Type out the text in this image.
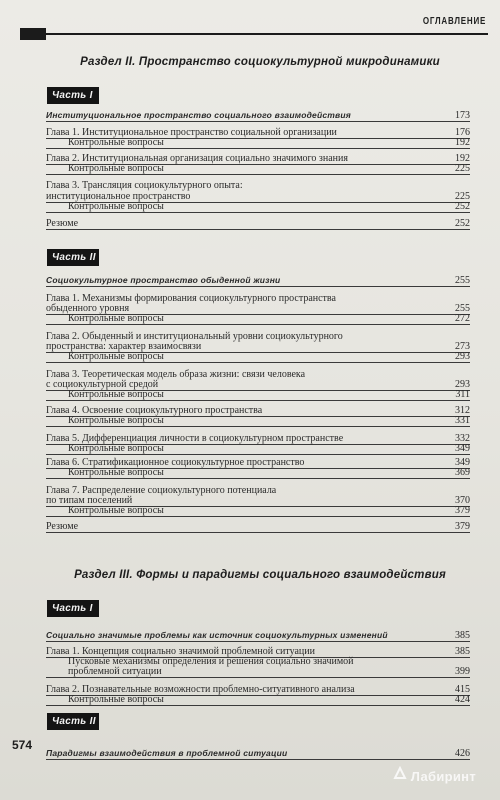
ОГЛАВЛЕНИЕ
Раздел II. Пространство социокультурной микродинамики
Часть I
Институциональное пространство социального взаимодействия	173
Глава 1. Институциональное пространство социальной организации	176
Контрольные вопросы	192
Глава 2. Институциональная организация социально значимого знания	192
Контрольные вопросы	225
Глава 3. Трансляция социокультурного опыта:
институциональное пространство	225
Контрольные вопросы	252
Резюме	252
Часть II
Социокультурное пространство обыденной жизни	255
Глава 1. Механизмы формирования социокультурного пространства
обыденного уровня	255
Контрольные вопросы	272
Глава 2. Обыденный и институциональный уровни социокультурного
пространства: характер взаимосвязи	273
Контрольные вопросы	293
Глава 3. Теоретическая модель образа жизни: связи человека
с социокультурной средой	293
Контрольные вопросы	311
Глава 4. Освоение социокультурного пространства	312
Контрольные вопросы	331
Глава 5. Дифференциация личности в социокультурном пространстве	332
Контрольные вопросы	349
Глава 6. Стратификационное социокультурное пространство	349
Контрольные вопросы	369
Глава 7. Распределение социокультурного потенциала
по типам поселений	370
Контрольные вопросы	379
Резюме	379
Раздел III. Формы и парадигмы социального взаимодействия
Часть I
Социально значимые проблемы как источник социокультурных изменений	385
Глава 1. Концепция социально значимой проблемной ситуации	385
Пусковые механизмы определения и решения социально значимой
проблемной ситуации	399
Глава 2. Познавательные возможности проблемно-ситуативного анализа	415
Контрольные вопросы	424
Часть II
Парадигмы взаимодействия в проблемной ситуации	426
574
Лабиринт
